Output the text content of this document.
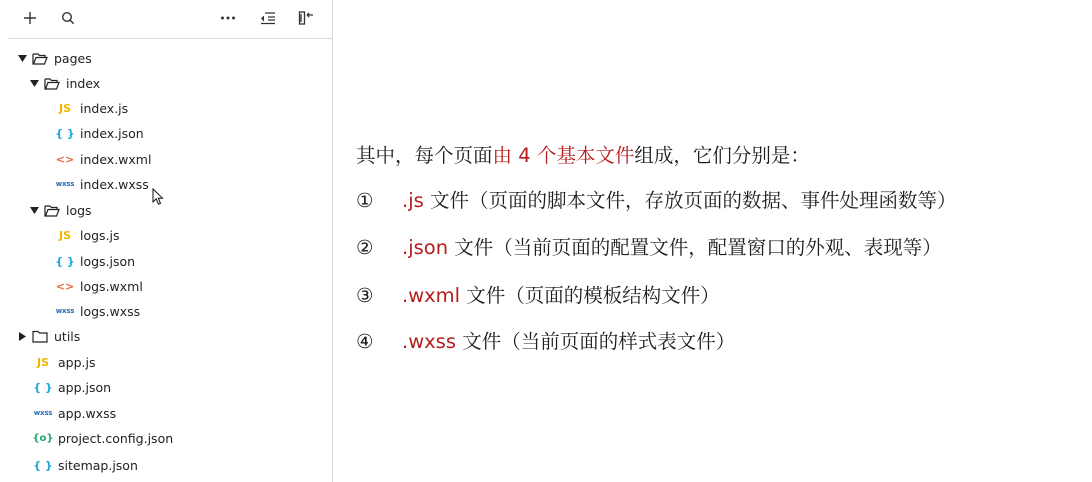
pages
index
JS index.js
{ } index.json
<> index.wxml
wxss index.wxss
logs
JS logs.js
{ } logs.json
<> logs.wxml
wxss logs.wxss
utils
JS app.js
{ } app.json
wxss app.wxss
{o} project.config.json
{ } sitemap.json
其中，每个页面由 4 个基本文件组成，它们分别是：
① .js 文件（页面的脚本文件，存放页面的数据、事件处理函数等）
② .json 文件（当前页面的配置文件，配置窗口的外观、表现等）
③ .wxml 文件（页面的模板结构文件）
④ .wxss 文件（当前页面的样式表文件）
